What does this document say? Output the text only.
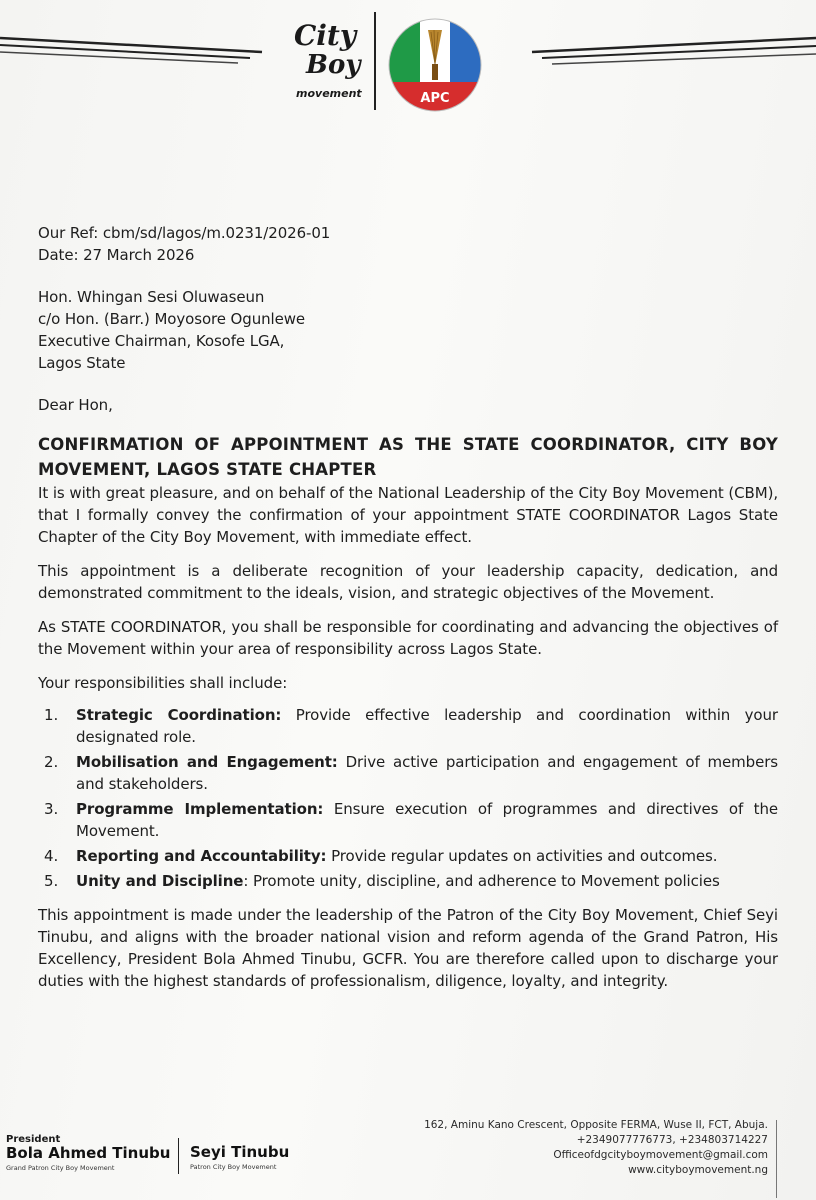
City
Boy
movement	APC

Our Ref: cbm/sd/lagos/m.0231/2026-01

Date: 27 March 2026

Hon. Whingan Sesi Oluwaseun

c/o Hon. (Barr.) Moyosore Ogunlewe

Executive Chairman, Kosofe LGA,

Lagos State

Dear Hon,

CONFIRMATION OF APPOINTMENT AS THE STATE COORDINATOR, CITY BOY MOVEMENT, LAGOS STATE CHAPTER

It is with great pleasure, and on behalf of the National Leadership of the City Boy Movement (CBM), that I formally convey the confirmation of your appointment STATE COORDINATOR Lagos State Chapter of the City Boy Movement, with immediate effect.

This appointment is a deliberate recognition of your leadership capacity, dedication, and demonstrated commitment to the ideals, vision, and strategic objectives of the Movement.

As STATE COORDINATOR, you shall be responsible for coordinating and advancing the objectives of the Movement within your area of responsibility across Lagos State.

Your responsibilities shall include:

1. Strategic Coordination: Provide effective leadership and coordination within your designated role.
2. Mobilisation and Engagement: Drive active participation and engagement of members and stakeholders.
3. Programme Implementation: Ensure execution of programmes and directives of the Movement.
4. Reporting and Accountability: Provide regular updates on activities and outcomes.
5. Unity and Discipline: Promote unity, discipline, and adherence to Movement policies

This appointment is made under the leadership of the Patron of the City Boy Movement, Chief Seyi Tinubu, and aligns with the broader national vision and reform agenda of the Grand Patron, His Excellency, President Bola Ahmed Tinubu, GCFR. You are therefore called upon to discharge your duties with the highest standards of professionalism, diligence, loyalty, and integrity.

162, Aminu Kano Crescent, Opposite FERMA, Wuse II, FCT, Abuja.
+2349077776773, +234803714227
Officeofdgcityboymovement@gmail.com
www.cityboymovement.ng
President
Bola Ahmed Tinubu
Grand Patron City Boy Movement
Seyi Tinubu
Patron City Boy Movement
